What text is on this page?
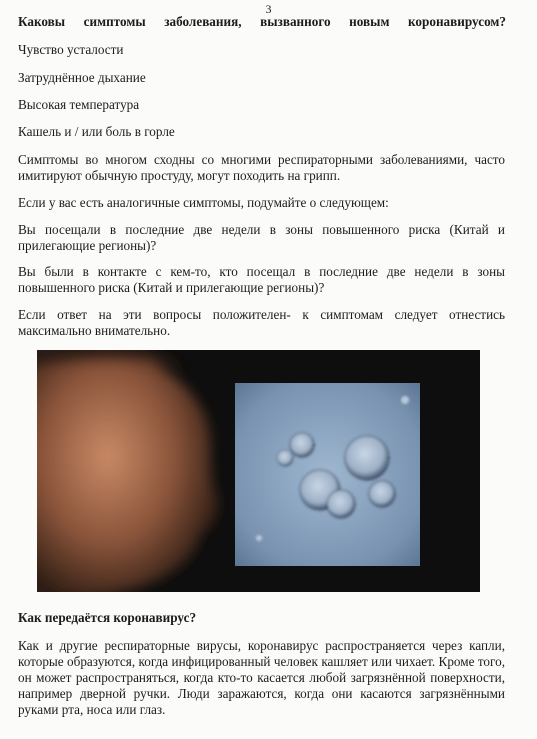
3
Каковы симптомы заболевания, вызванного новым коронавирусом?

Чувство усталости

Затруднённое дыхание

Высокая температура

Кашель и / или боль в горле

Симптомы во многом сходны со многими респираторными заболеваниями, часто имитируют обычную простуду, могут походить на грипп.

Если у вас есть аналогичные симптомы, подумайте о следующем:

Вы посещали в последние две недели в зоны повышенного риска (Китай и прилегающие регионы)?

Вы были в контакте с кем-то, кто посещал в последние две недели в зоны повышенного риска (Китай и прилегающие регионы)?

Если ответ на эти вопросы положителен- к симптомам следует отнестись максимально внимательно.

Как передаётся коронавирус?

Как и другие респираторные вирусы, коронавирус распространяется через капли, которые образуются, когда инфицированный человек кашляет или чихает. Кроме того, он может распространяться, когда кто-то касается любой загрязнённой поверхности, например дверной ручки. Люди заражаются, когда они касаются загрязнёнными руками рта, носа или глаз.
